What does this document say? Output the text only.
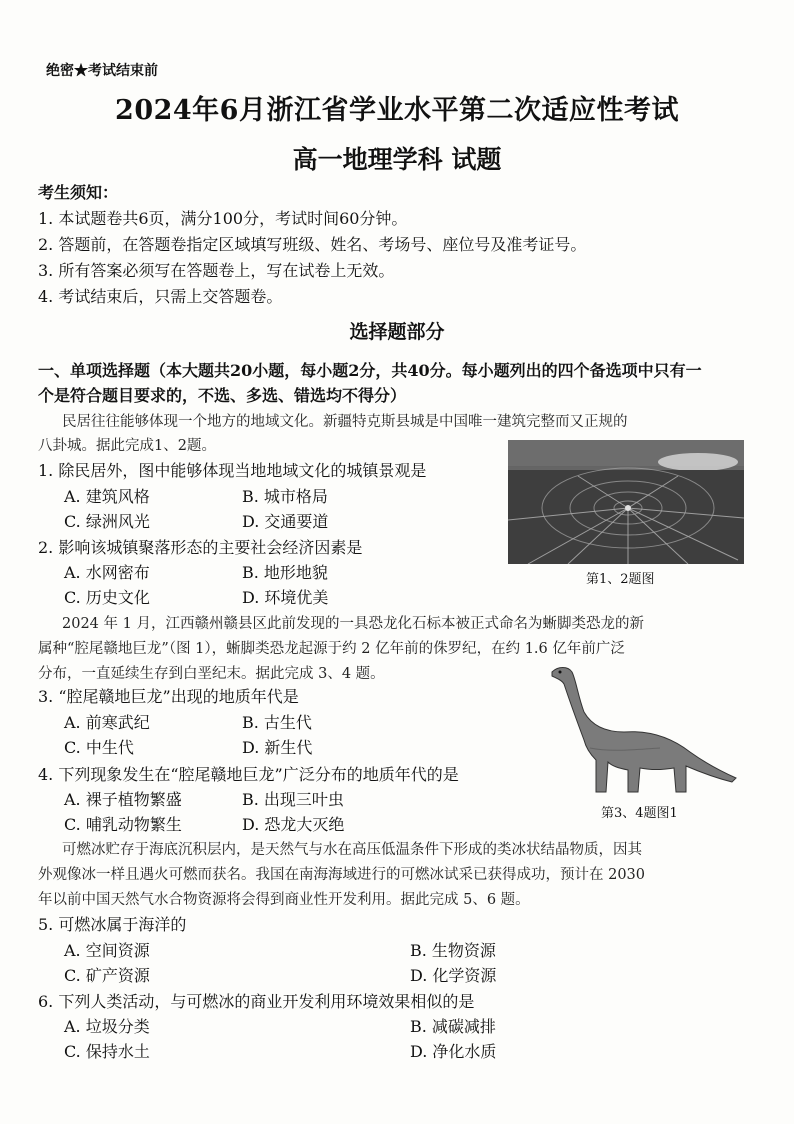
绝密★考试结束前
2024年6月浙江省学业水平第二次适应性考试
高一地理学科 试题
考生须知：
1. 本试题卷共6页，满分100分，考试时间60分钟。
2. 答题前，在答题卷指定区域填写班级、姓名、考场号、座位号及准考证号。
3. 所有答案必须写在答题卷上，写在试卷上无效。
4. 考试结束后，只需上交答题卷。
选择题部分
一、单项选择题（本大题共20小题，每小题2分，共40分。每小题列出的四个备选项中只有一
个是符合题目要求的，不选、多选、错选均不得分）
民居往往能够体现一个地方的地域文化。新疆特克斯县城是中国唯一建筑完整而又正规的
八卦城。据此完成1、2题。
第1、2题图
1. 除民居外，图中能够体现当地地域文化的城镇景观是
A. 建筑风格	B. 城市格局
C. 绿洲风光	D. 交通要道
2. 影响该城镇聚落形态的主要社会经济因素是
A. 水网密布	B. 地形地貌
C. 历史文化	D. 环境优美
2024 年 1 月，江西赣州赣县区此前发现的一具恐龙化石标本被正式命名为蜥脚类恐龙的新
属种“腔尾赣地巨龙”（图 1），蜥脚类恐龙起源于约 2 亿年前的侏罗纪，在约 1.6 亿年前广泛
分布，一直延续生存到白垩纪末。据此完成 3、4 题。
第3、4题图1
3. “腔尾赣地巨龙”出现的地质年代是
A. 前寒武纪	B. 古生代
C. 中生代	D. 新生代
4. 下列现象发生在“腔尾赣地巨龙”广泛分布的地质年代的是
A. 裸子植物繁盛	B. 出现三叶虫
C. 哺乳动物繁生	D. 恐龙大灭绝
可燃冰贮存于海底沉积层内，是天然气与水在高压低温条件下形成的类冰状结晶物质，因其
外观像冰一样且遇火可燃而获名。我国在南海海域进行的可燃冰试采已获得成功，预计在 2030
年以前中国天然气水合物资源将会得到商业性开发利用。据此完成 5、6 题。
5. 可燃冰属于海洋的
A. 空间资源	B. 生物资源
C. 矿产资源	D. 化学资源
6. 下列人类活动，与可燃冰的商业开发利用环境效果相似的是
A. 垃圾分类	B. 减碳减排
C. 保持水土	D. 净化水质
